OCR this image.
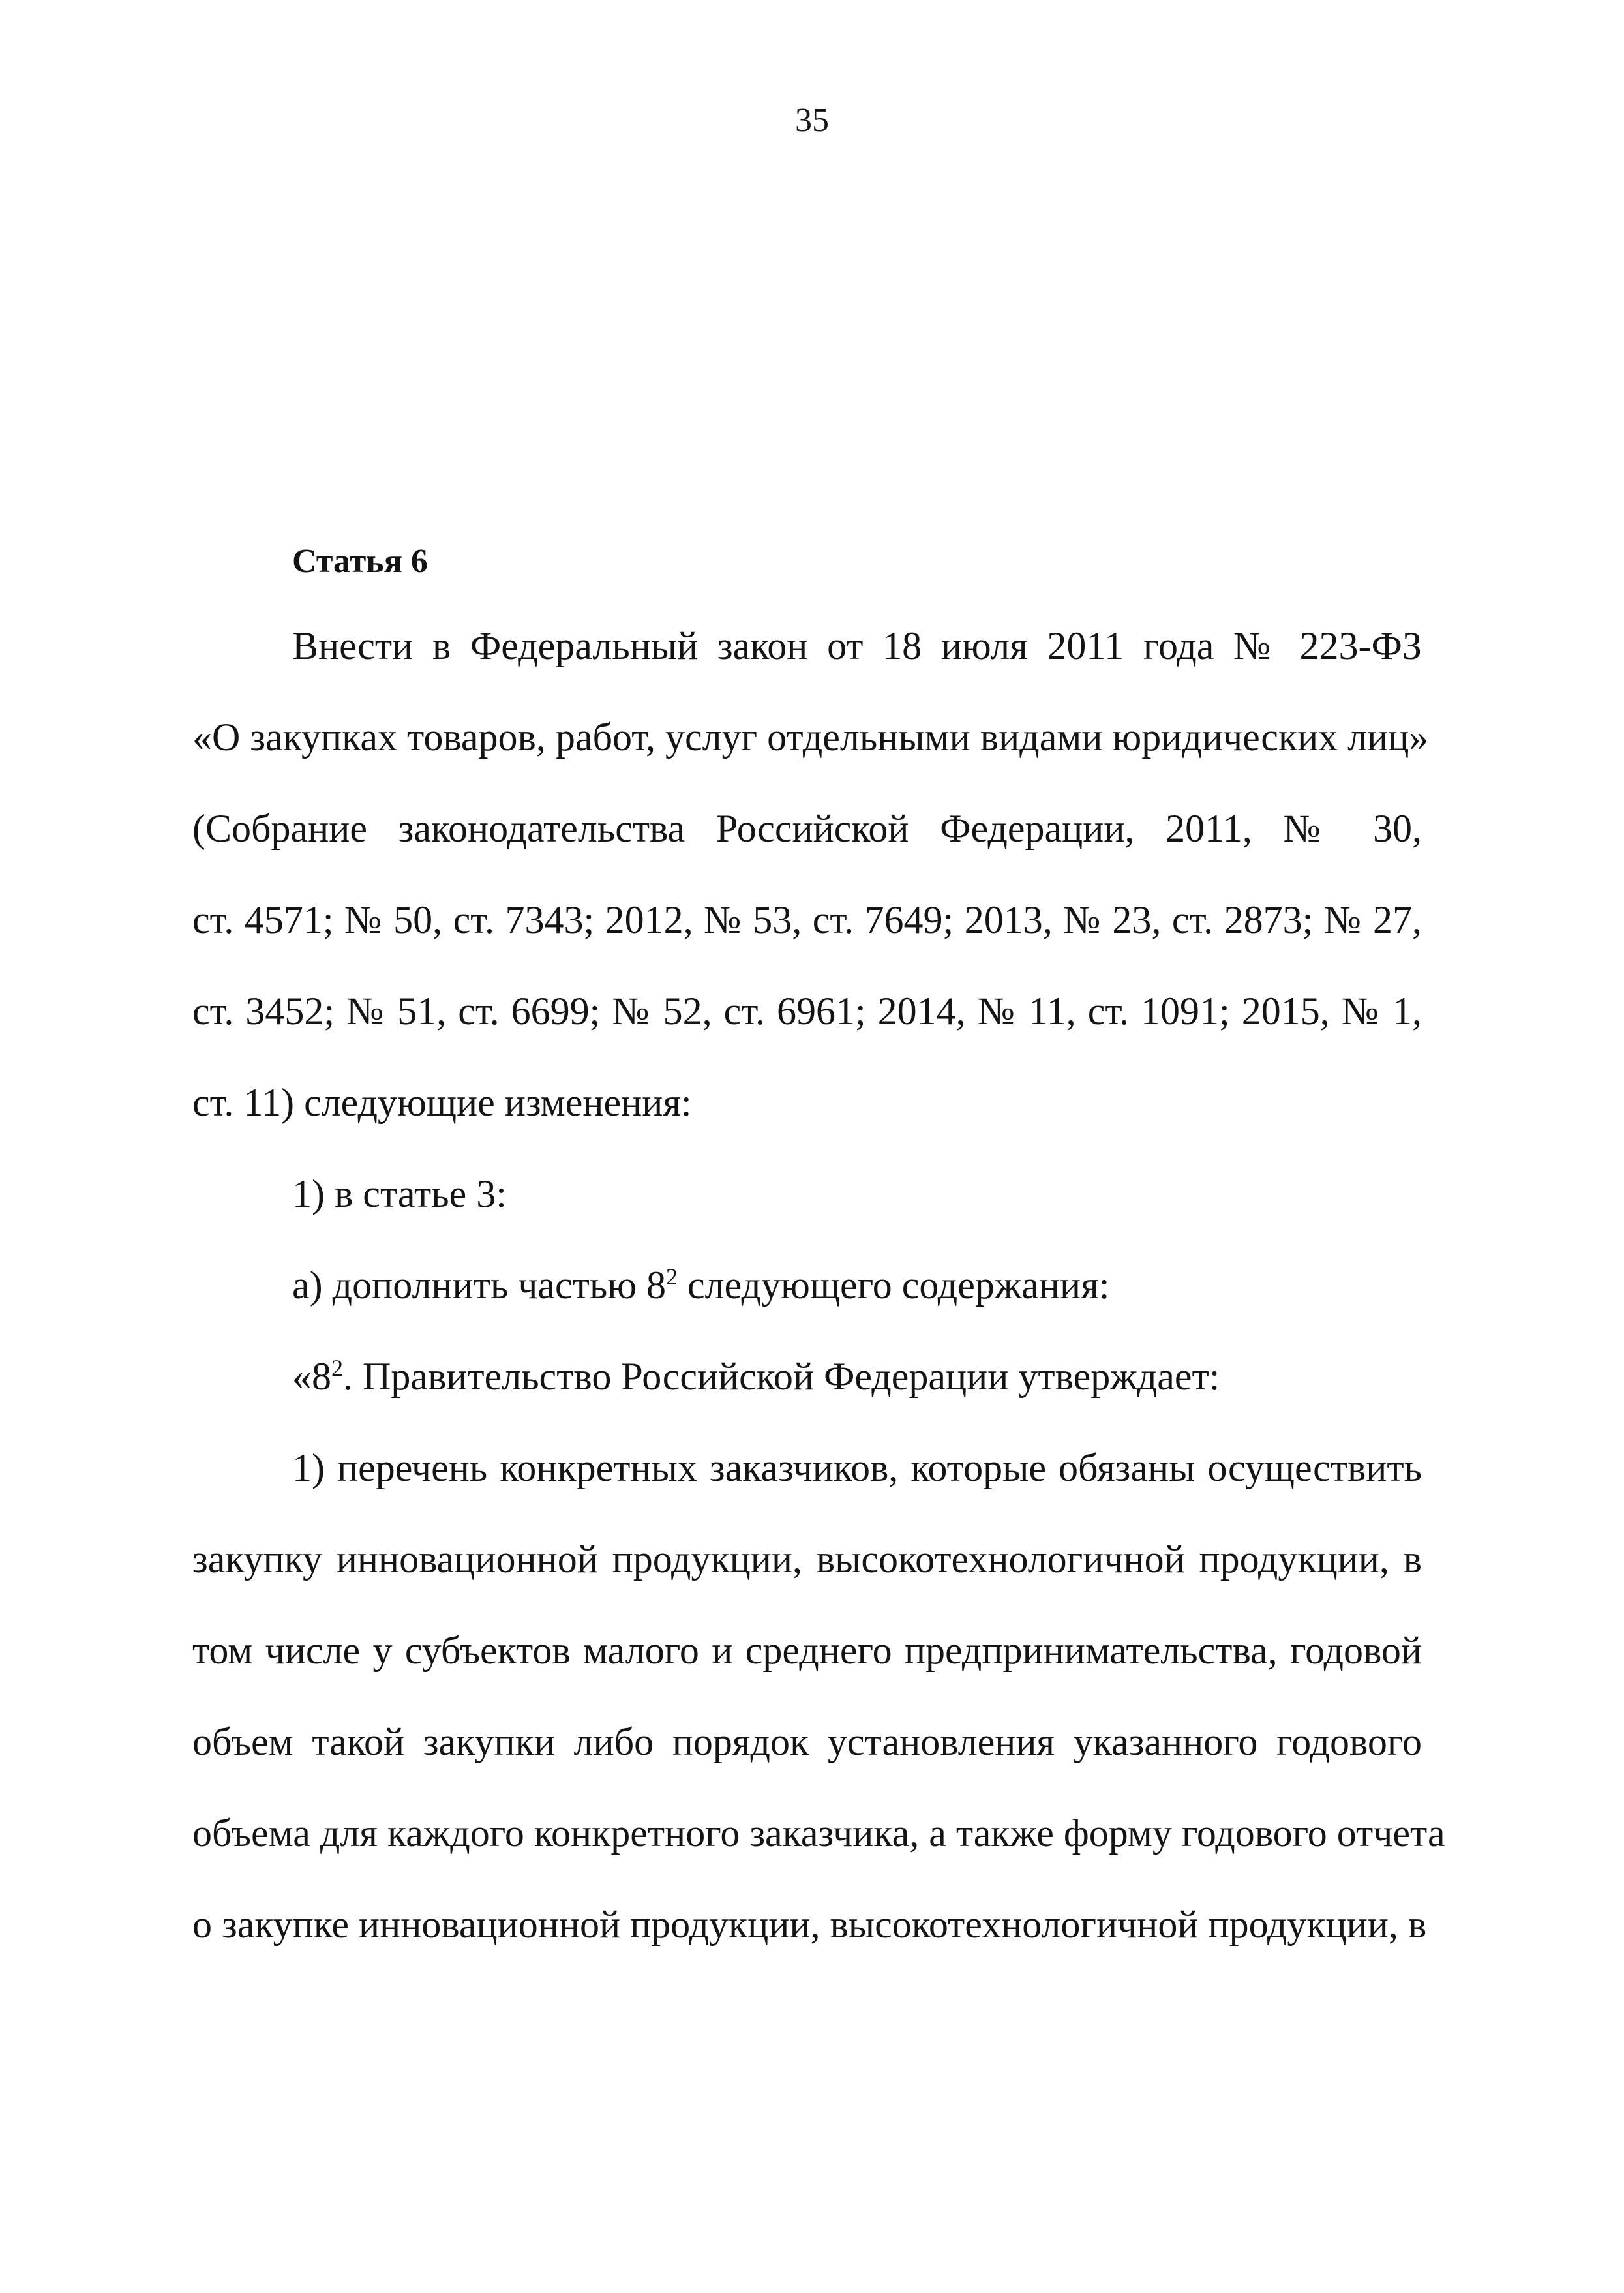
35
Статья 6
Внести в Федеральный закон от 18 июля 2011 года № 223-ФЗ
«О закупках товаров, работ, услуг отдельными видами юридических лиц»
(Собрание законодательства Российской Федерации, 2011, № 30,
ст. 4571; № 50, ст. 7343; 2012, № 53, ст. 7649; 2013, № 23, ст. 2873; № 27,
ст. 3452; № 51, ст. 6699; № 52, ст. 6961; 2014, № 11, ст. 1091; 2015, № 1,
ст. 11) следующие изменения:
1) в статье 3:
а) дополнить частью $8^2$ следующего содержания:
«$8^2$. Правительство Российской Федерации утверждает:
1) перечень конкретных заказчиков, которые обязаны осуществить
закупку инновационной продукции, высокотехнологичной продукции, в
том числе у субъектов малого и среднего предпринимательства, годовой
объем такой закупки либо порядок установления указанного годового
объема для каждого конкретного заказчика, а также форму годового отчета
о закупке инновационной продукции, высокотехнологичной продукции, в
